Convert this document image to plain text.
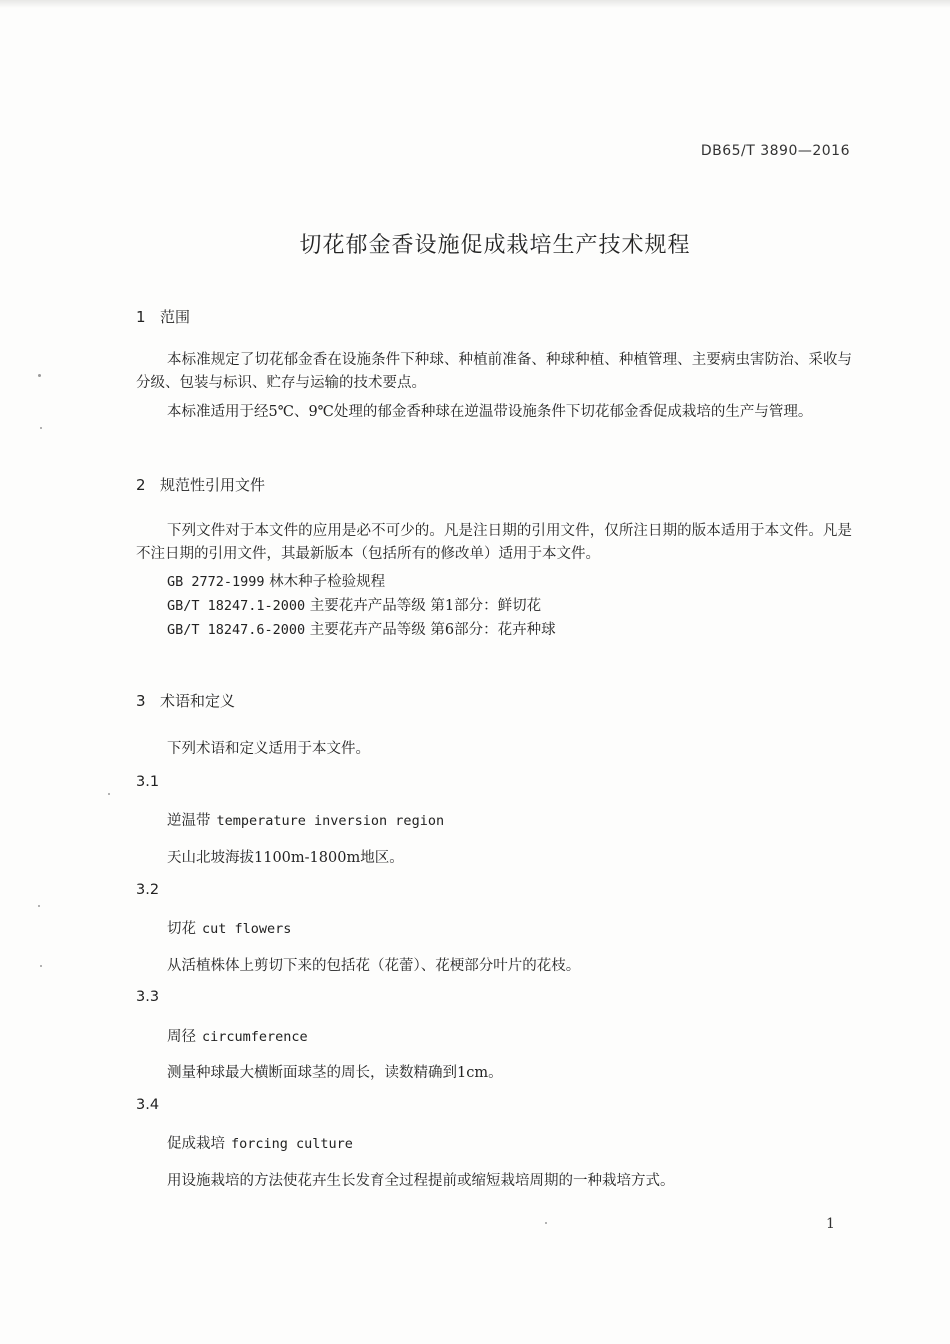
DB65/T 3890—2016
切花郁金香设施促成栽培生产技术规程
1 范围
本标准规定了切花郁金香在设施条件下种球、种植前准备、种球种植、种植管理、主要病虫害防治、采收与分级、包装与标识、贮存与运输的技术要点。
本标准适用于经5℃、9℃处理的郁金香种球在逆温带设施条件下切花郁金香促成栽培的生产与管理。
2 规范性引用文件
下列文件对于本文件的应用是必不可少的。凡是注日期的引用文件，仅所注日期的版本适用于本文件。凡是不注日期的引用文件，其最新版本（包括所有的修改单）适用于本文件。
GB 2772-1999 林木种子检验规程
GB/T 18247.1-2000 主要花卉产品等级 第1部分：鲜切花
GB/T 18247.6-2000 主要花卉产品等级 第6部分：花卉种球
3 术语和定义
下列术语和定义适用于本文件。
3.1
逆温带 temperature inversion region
天山北坡海拔1100m-1800m地区。
3.2
切花 cut flowers
从活植株体上剪切下来的包括花（花蕾）、花梗部分叶片的花枝。
3.3
周径 circumference
测量种球最大横断面球茎的周长，读数精确到1cm。
3.4
促成栽培 forcing culture
用设施栽培的方法使花卉生长发育全过程提前或缩短栽培周期的一种栽培方式。
1
